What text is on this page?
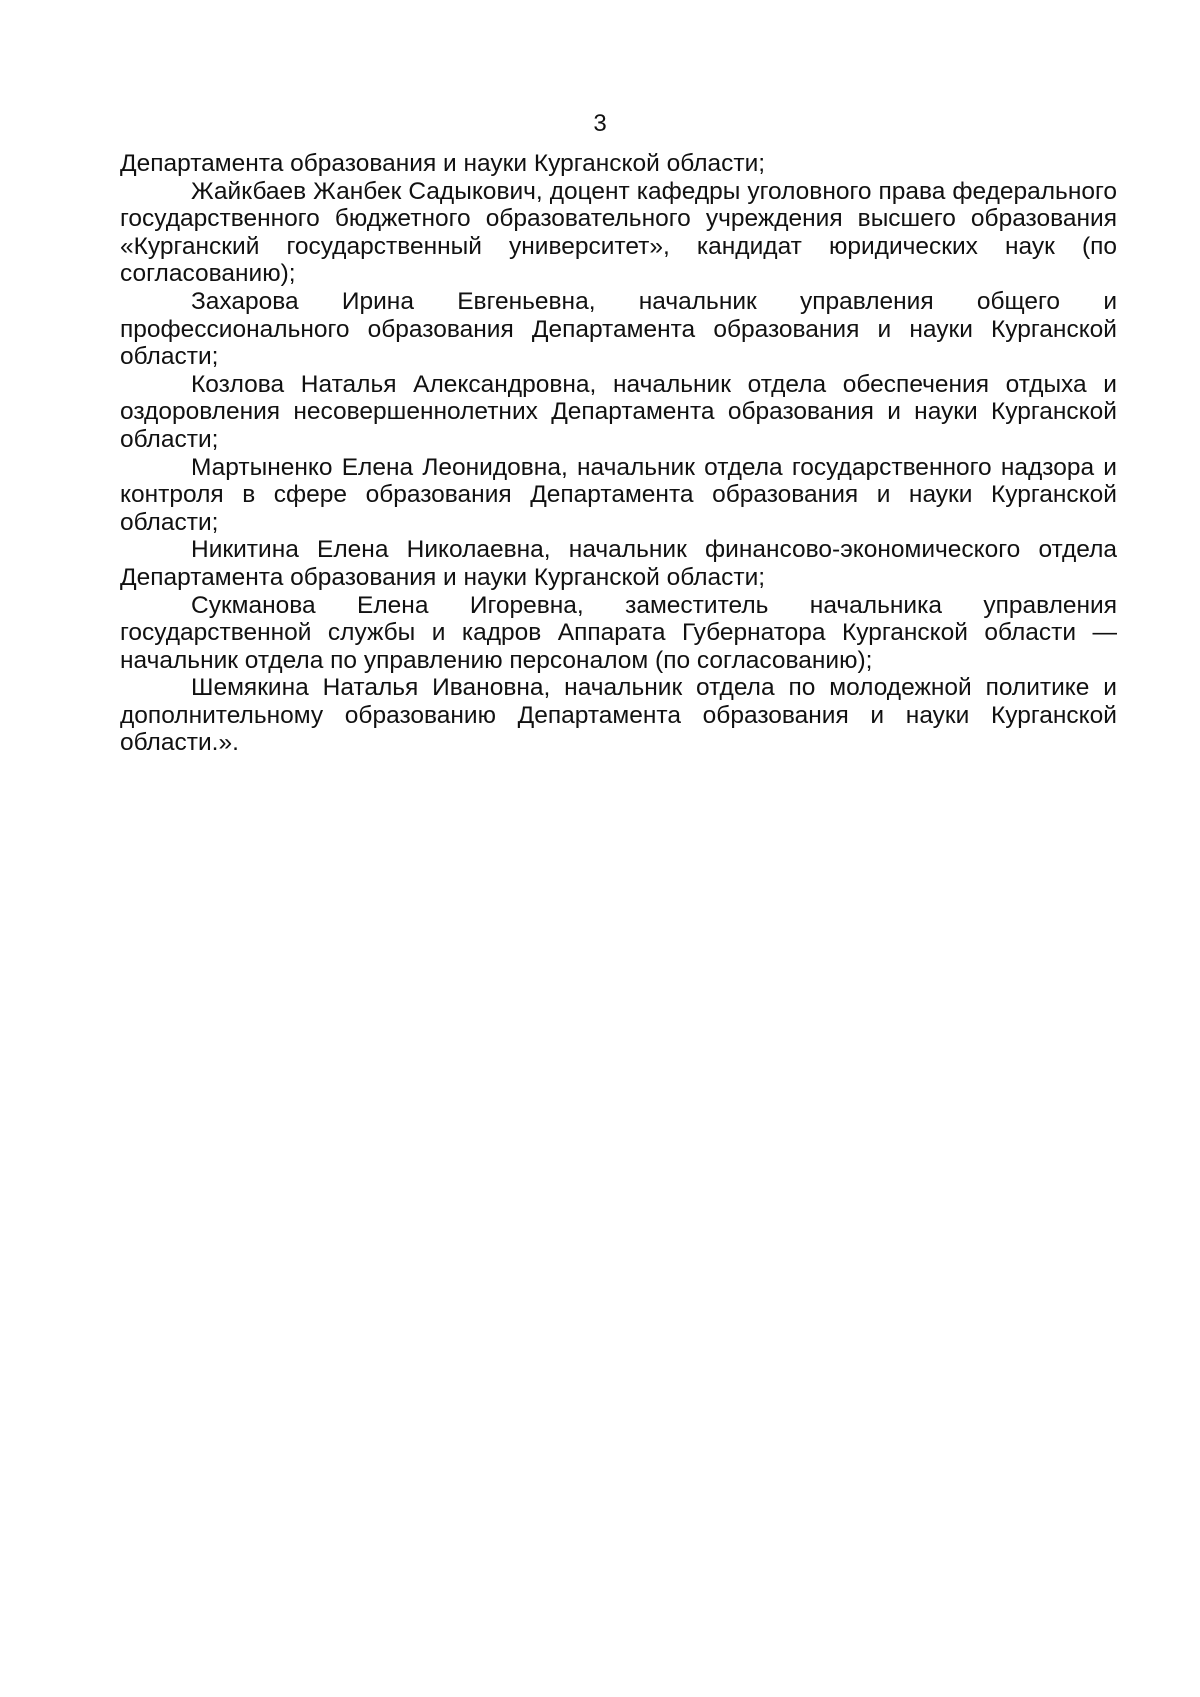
3

Департамента образования и науки Курганской области;

Жайкбаев Жанбек Садыкович, доцент кафедры уголовного права федерального государственного бюджетного образовательного учреждения высшего образования «Курганский государственный университет», кандидат юридических наук (по согласованию);

Захарова Ирина Евгеньевна, начальник управления общего и профессионального образования Департамента образования и науки Курганской области;

Козлова Наталья Александровна, начальник отдела обеспечения отдыха и оздоровления несовершеннолетних Департамента образования и науки Курганской области;

Мартыненко Елена Леонидовна, начальник отдела государственного надзора и контроля в сфере образования Департамента образования и науки Курганской области;

Никитина Елена Николаевна, начальник финансово-экономического отдела Департамента образования и науки Курганской области;

Сукманова Елена Игоревна, заместитель начальника управления государственной службы и кадров Аппарата Губернатора Курганской области — начальник отдела по управлению персоналом (по согласованию);

Шемякина Наталья Ивановна, начальник отдела по молодежной политике и дополнительному образованию Департамента образования и науки Курганской области.».
